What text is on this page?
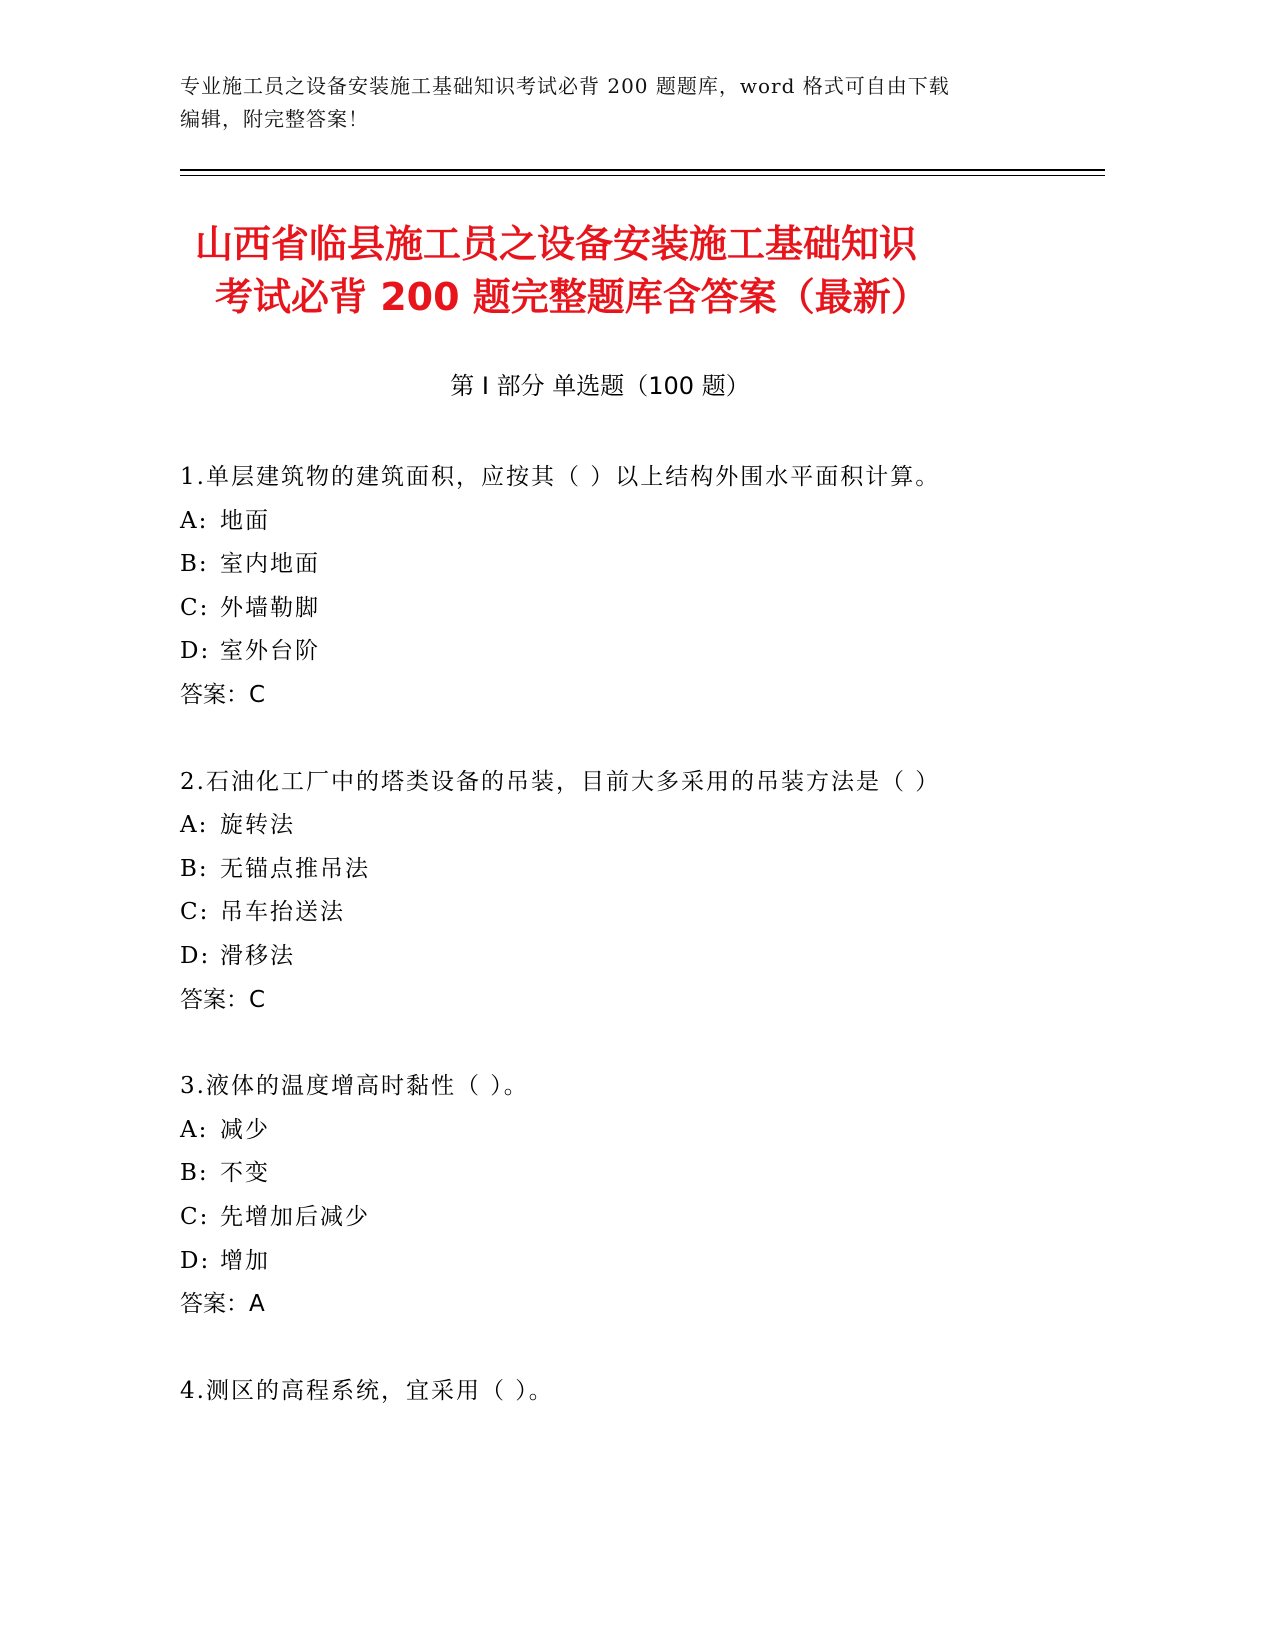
专业施工员之设备安装施工基础知识考试必背 200 题题库，word 格式可自由下载
编辑，附完整答案！
山西省临县施工员之设备安装施工基础知识
考试必背 200 题完整题库含答案（最新）
第 I 部分 单选题（100 题）
1.单层建筑物的建筑面积，应按其（ ）以上结构外围水平面积计算。
A: 地面
B: 室内地面
C: 外墙勒脚
D: 室外台阶
答案：C
2.石油化工厂中的塔类设备的吊装，目前大多采用的吊装方法是（ ）
A: 旋转法
B: 无锚点推吊法
C: 吊车抬送法
D: 滑移法
答案：C
3.液体的温度增高时黏性（ ）。
A: 减少
B: 不变
C: 先增加后减少
D: 增加
答案：A
4.测区的高程系统，宜采用（ ）。
